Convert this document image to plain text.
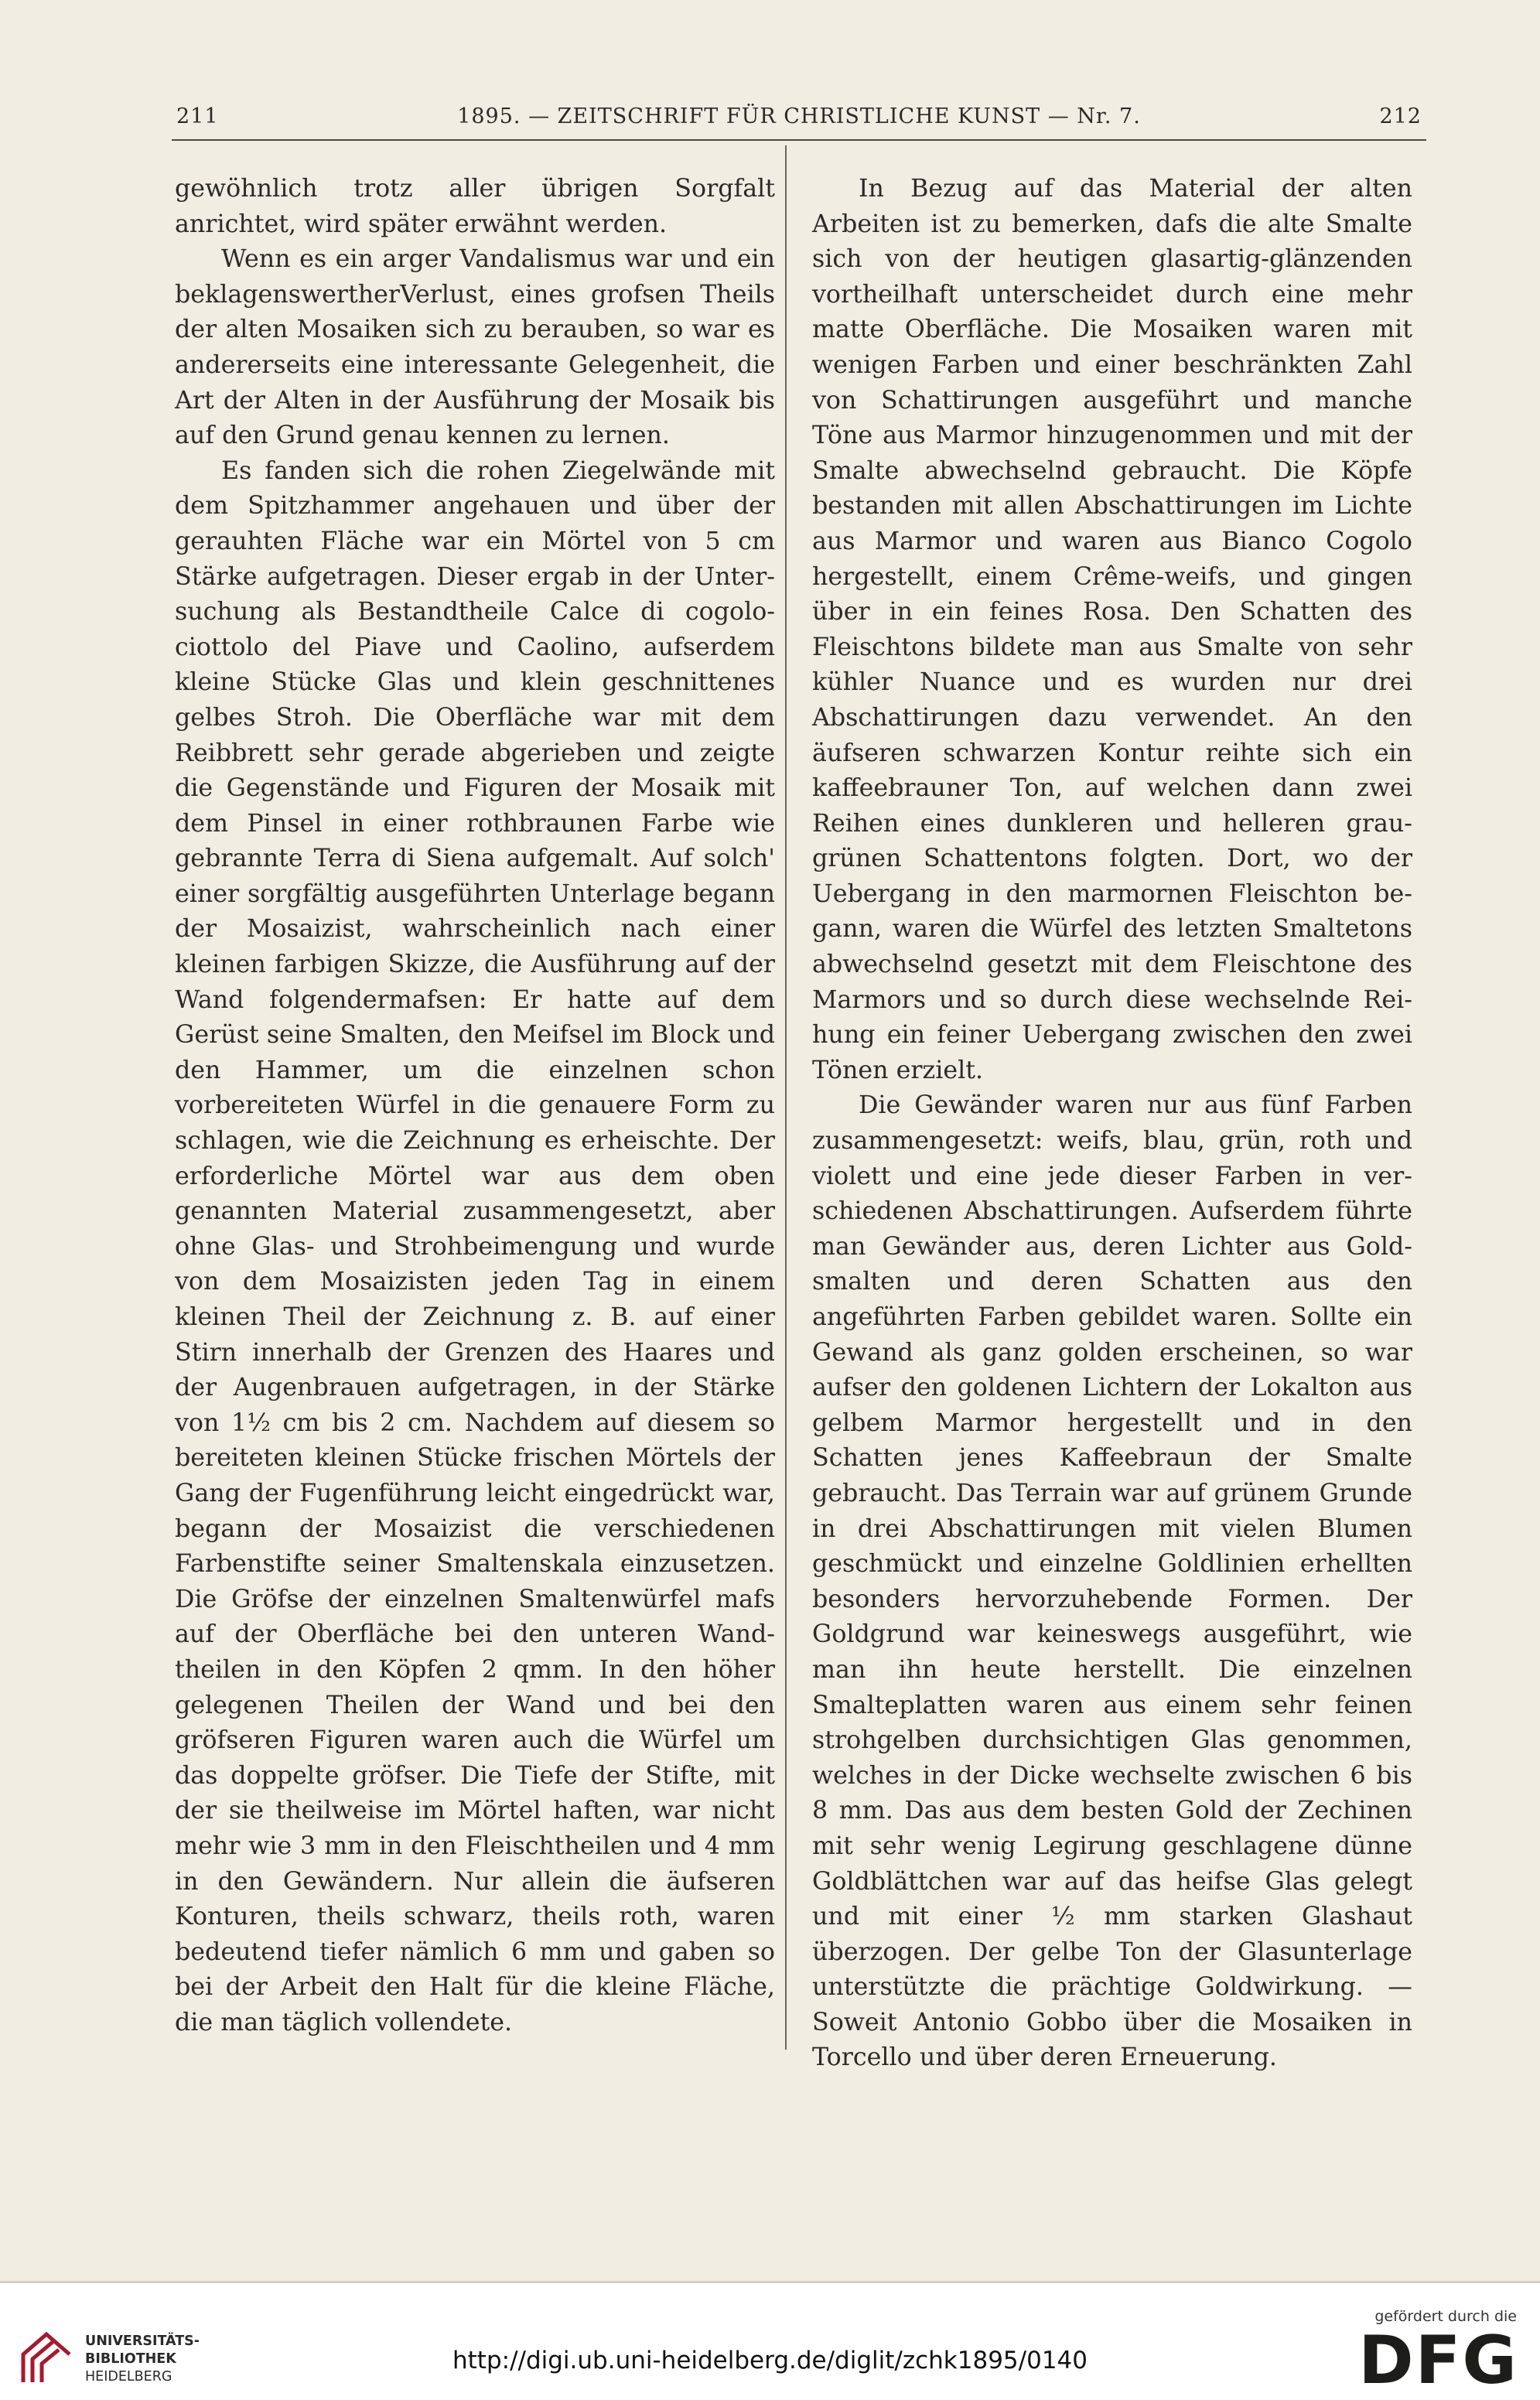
211	1895. — ZEITSCHRIFT FÜR CHRISTLICHE KUNST — Nr. 7.	212

gewöhnlich trotz aller übrigen Sorgfalt anrichtet, wird später erwähnt werden.

Wenn es ein arger Vandalismus war und ein beklagenswertherVerlust, eines grofsen Theils der alten Mosaiken sich zu berauben, so war es andererseits eine interessante Gelegenheit, die Art der Alten in der Ausführung der Mosaik bis auf den Grund genau kennen zu lernen.

Es fanden sich die rohen Ziegelwände mit dem Spitzhammer angehauen und über der gerauhten Fläche war ein Mörtel von 5 cm Stärke aufgetragen. Dieser ergab in der Untersuchung als Bestandtheile Calce di cogolociottolo del Piave und Caolino, aufserdem kleine Stücke Glas und klein geschnittenes gelbes Stroh. Die Oberfläche war mit dem Reibbrett sehr gerade abgerieben und zeigte die Gegenstände und Figuren der Mosaik mit dem Pinsel in einer rothbraunen Farbe wie gebrannte Terra di Siena aufgemalt. Auf solch' einer sorgfältig ausgeführten Unterlage begann der Mosaizist, wahrscheinlich nach einer kleinen farbigen Skizze, die Ausführung auf der Wand folgendermafsen: Er hatte auf dem Gerüst seine Smalten, den Meifsel im Block und den Hammer, um die einzelnen schon vorbereiteten Würfel in die genauere Form zu schlagen, wie die Zeichnung es erheischte. Der erforderliche Mörtel war aus dem oben genannten Material zusammengesetzt, aber ohne Glas- und Strohbeimengung und wurde von dem Mosaizisten jeden Tag in einem kleinen Theil der Zeichnung z. B. auf einer Stirn innerhalb der Grenzen des Haares und der Augenbrauen aufgetragen, in der Stärke von 1½ cm bis 2 cm. Nachdem auf diesem so bereiteten kleinen Stücke frischen Mörtels der Gang der Fugenführung leicht eingedrückt war, begann der Mosaizist die verschiedenen Farbenstifte seiner Smaltenskala einzusetzen. Die Gröfse der einzelnen Smaltenwürfel mafs auf der Oberfläche bei den unteren Wandtheilen in den Köpfen 2 qmm. In den höher gelegenen Theilen der Wand und bei den gröfseren Figuren waren auch die Würfel um das doppelte gröfser. Die Tiefe der Stifte, mit der sie theilweise im Mörtel haften, war nicht mehr wie 3 mm in den Fleischtheilen und 4 mm in den Gewändern. Nur allein die äufseren Konturen, theils schwarz, theils roth, waren bedeutend tiefer nämlich 6 mm und gaben so bei der Arbeit den Halt für die kleine Fläche, die man täglich vollendete.

In Bezug auf das Material der alten Arbeiten ist zu bemerken, dafs die alte Smalte sich von der heutigen glasartig-glänzenden vortheilhaft unterscheidet durch eine mehr matte Oberfläche. Die Mosaiken waren mit wenigen Farben und einer beschränkten Zahl von Schattirungen ausgeführt und manche Töne aus Marmor hinzugenommen und mit der Smalte abwechselnd gebraucht. Die Köpfe bestanden mit allen Abschattirungen im Lichte aus Marmor und waren aus Bianco Cogolo hergestellt, einem Crême-weifs, und gingen über in ein feines Rosa. Den Schatten des Fleischtons bildete man aus Smalte von sehr kühler Nuance und es wurden nur drei Abschattirungen dazu verwendet. An den äufseren schwarzen Kontur reihte sich ein kaffeebrauner Ton, auf welchen dann zwei Reihen eines dunkleren und helleren graugrünen Schattentons folgten. Dort, wo der Uebergang in den marmornen Fleischton begann, waren die Würfel des letzten Smaltetons abwechselnd gesetzt mit dem Fleischtone des Marmors und so durch diese wechselnde Reihung ein feiner Uebergang zwischen den zwei Tönen erzielt.

Die Gewänder waren nur aus fünf Farben zusammengesetzt: weifs, blau, grün, roth und violett und eine jede dieser Farben in verschiedenen Abschattirungen. Aufserdem führte man Gewänder aus, deren Lichter aus Goldsmalten und deren Schatten aus den angeführten Farben gebildet waren. Sollte ein Gewand als ganz golden erscheinen, so war aufser den goldenen Lichtern der Lokalton aus gelbem Marmor hergestellt und in den Schatten jenes Kaffeebraun der Smalte gebraucht. Das Terrain war auf grünem Grunde in drei Abschattirungen mit vielen Blumen geschmückt und einzelne Goldlinien erhellten besonders hervorzuhebende Formen. Der Goldgrund war keineswegs ausgeführt, wie man ihn heute herstellt. Die einzelnen Smalteplatten waren aus einem sehr feinen strohgelben durchsichtigen Glas genommen, welches in der Dicke wechselte zwischen 6 bis 8 mm. Das aus dem besten Gold der Zechinen mit sehr wenig Legirung geschlagene dünne Goldblättchen war auf das heifse Glas gelegt und mit einer ½ mm starken Glashaut überzogen. Der gelbe Ton der Glasunterlage unterstützte die prächtige Goldwirkung. — Soweit Antonio Gobbo über die Mosaiken in Torcello und über deren Erneuerung.

UNIVERSITÄTS-
BIBLIOTHEK
HEIDELBERG
http://digi.ub.uni-heidelberg.de/diglit/zchk1895/0140
gefördert durch die
DFG
